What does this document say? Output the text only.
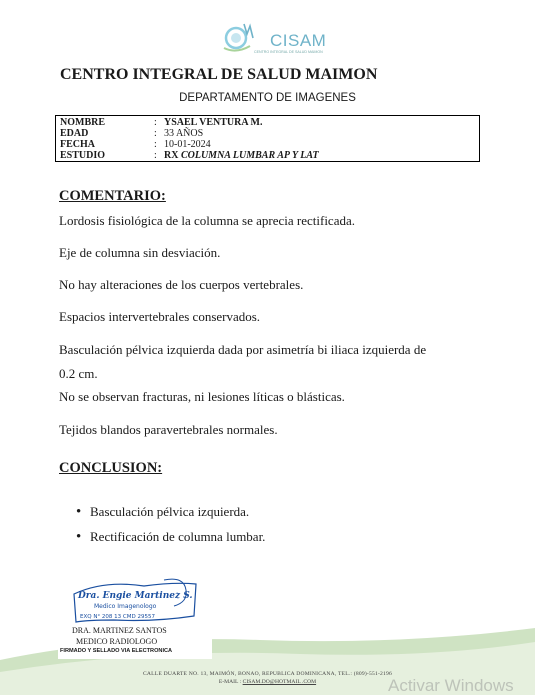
CISAM
CENTRO INTEGRAL DE SALUD MAIMON
CENTRO INTEGRAL DE SALUD MAIMON
DEPARTAMENTO DE IMAGENES
NOMBRE	: YSAEL VENTURA M.
EDAD	: 33 AÑOS
FECHA	: 10-01-2024
ESTUDIO	: RX COLUMNA LUMBAR AP Y LAT
COMENTARIO:
Lordosis fisiológica de la columna se aprecia rectificada.
Eje de columna sin desviación.
No hay alteraciones de los cuerpos vertebrales.
Espacios intervertebrales conservados.
Basculación pélvica izquierda dada por asimetría bi iliaca izquierda de
0.2 cm.
No se observan fracturas, ni lesiones líticas o blásticas.
Tejidos blandos paravertebrales normales.
CONCLUSION:
• Basculación pélvica izquierda.
• Rectificación de columna lumbar.
Dra. Engie Martinez S.
Medico Imagenologo
EXQ N° 208 13 CMD 29557
DRA. MARTINEZ SANTOS
MEDICO RADIOLOGO
FIRMADO Y SELLADO VIA ELECTRONICA
CALLE DUARTE NO. 13, MAIMÓN, BONAO, REPUBLICA DOMINICANA, TEL.: (809)-551-2196
E-MAIL : CISAM.DO@HOTMAIL .COM	Activar Windows
